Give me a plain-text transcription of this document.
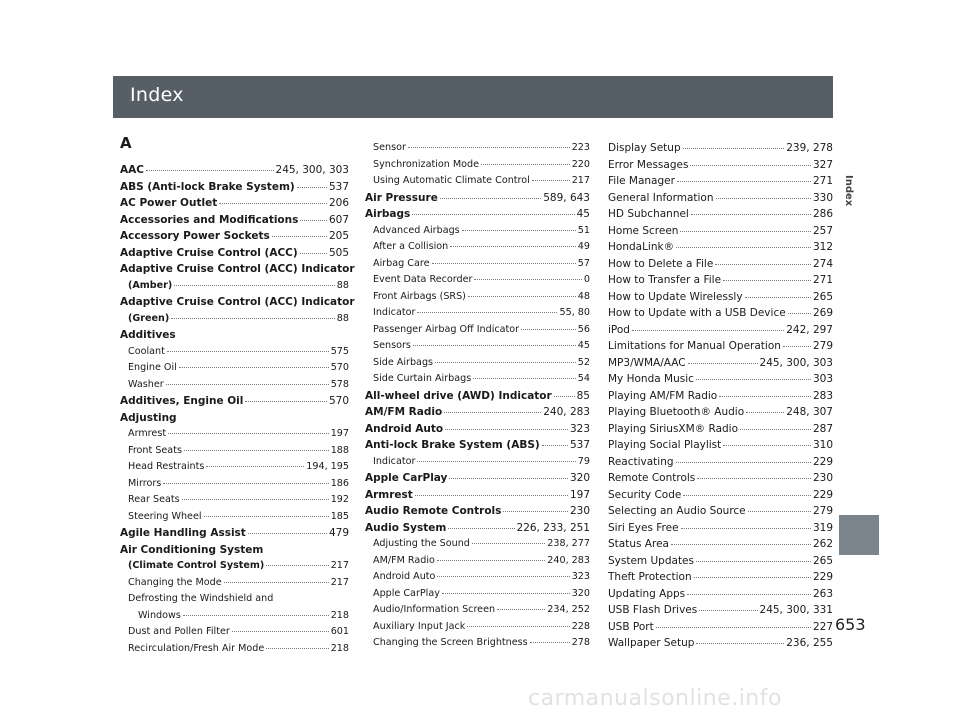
Index
A
AAC	245, 300, 303
ABS (Anti-lock Brake System)	537
AC Power Outlet	206
Accessories and Modifications	607
Accessory Power Sockets	205
Adaptive Cruise Control (ACC)	505
Adaptive Cruise Control (ACC) Indicator
(Amber)	88
Adaptive Cruise Control (ACC) Indicator
(Green)	88
Additives
Coolant	575
Engine Oil	570
Washer	578
Additives, Engine Oil	570
Adjusting
Armrest	197
Front Seats	188
Head Restraints	194, 195
Mirrors	186
Rear Seats	192
Steering Wheel	185
Agile Handling Assist	479
Air Conditioning System
(Climate Control System)	217
Changing the Mode	217
Defrosting the Windshield and
Windows	218
Dust and Pollen Filter	601
Recirculation/Fresh Air Mode	218
Sensor	223
Synchronization Mode	220
Using Automatic Climate Control	217
Air Pressure	589, 643
Airbags	45
Advanced Airbags	51
After a Collision	49
Airbag Care	57
Event Data Recorder	0
Front Airbags (SRS)	48
Indicator	55, 80
Passenger Airbag Off Indicator	56
Sensors	45
Side Airbags	52
Side Curtain Airbags	54
All-wheel drive (AWD) Indicator 85
AM/FM Radio	240, 283
Android Auto	323
Anti-lock Brake System (ABS)	537
Indicator	79
Apple CarPlay	320
Armrest	197
Audio Remote Controls	230
Audio System	226, 233, 251
Adjusting the Sound	238, 277
AM/FM Radio	240, 283
Android Auto	323
Apple CarPlay	320
Audio/Information Screen	234, 252
Auxiliary Input Jack	228
Changing the Screen Brightness	278
Display Setup	239, 278
Error Messages	327
File Manager	271
General Information	330
HD Subchannel	286
Home Screen	257
HondaLink®	312
How to Delete a File	274
How to Transfer a File	271
How to Update Wirelessly	265
How to Update with a USB Device	269
iPod	242, 297
Limitations for Manual Operation	279
MP3/WMA/AAC	245, 300, 303
My Honda Music	303
Playing AM/FM Radio	283
Playing Bluetooth® Audio	248, 307
Playing SiriusXM® Radio	287
Playing Social Playlist	310
Reactivating	229
Remote Controls	230
Security Code	229
Selecting an Audio Source	279
Siri Eyes Free	319
Status Area	262
System Updates	265
Theft Protection	229
Updating Apps	263
USB Flash Drives	245, 300, 331
USB Port	227
Wallpaper Setup	236, 255
Index
653
carmanualsonline.info
